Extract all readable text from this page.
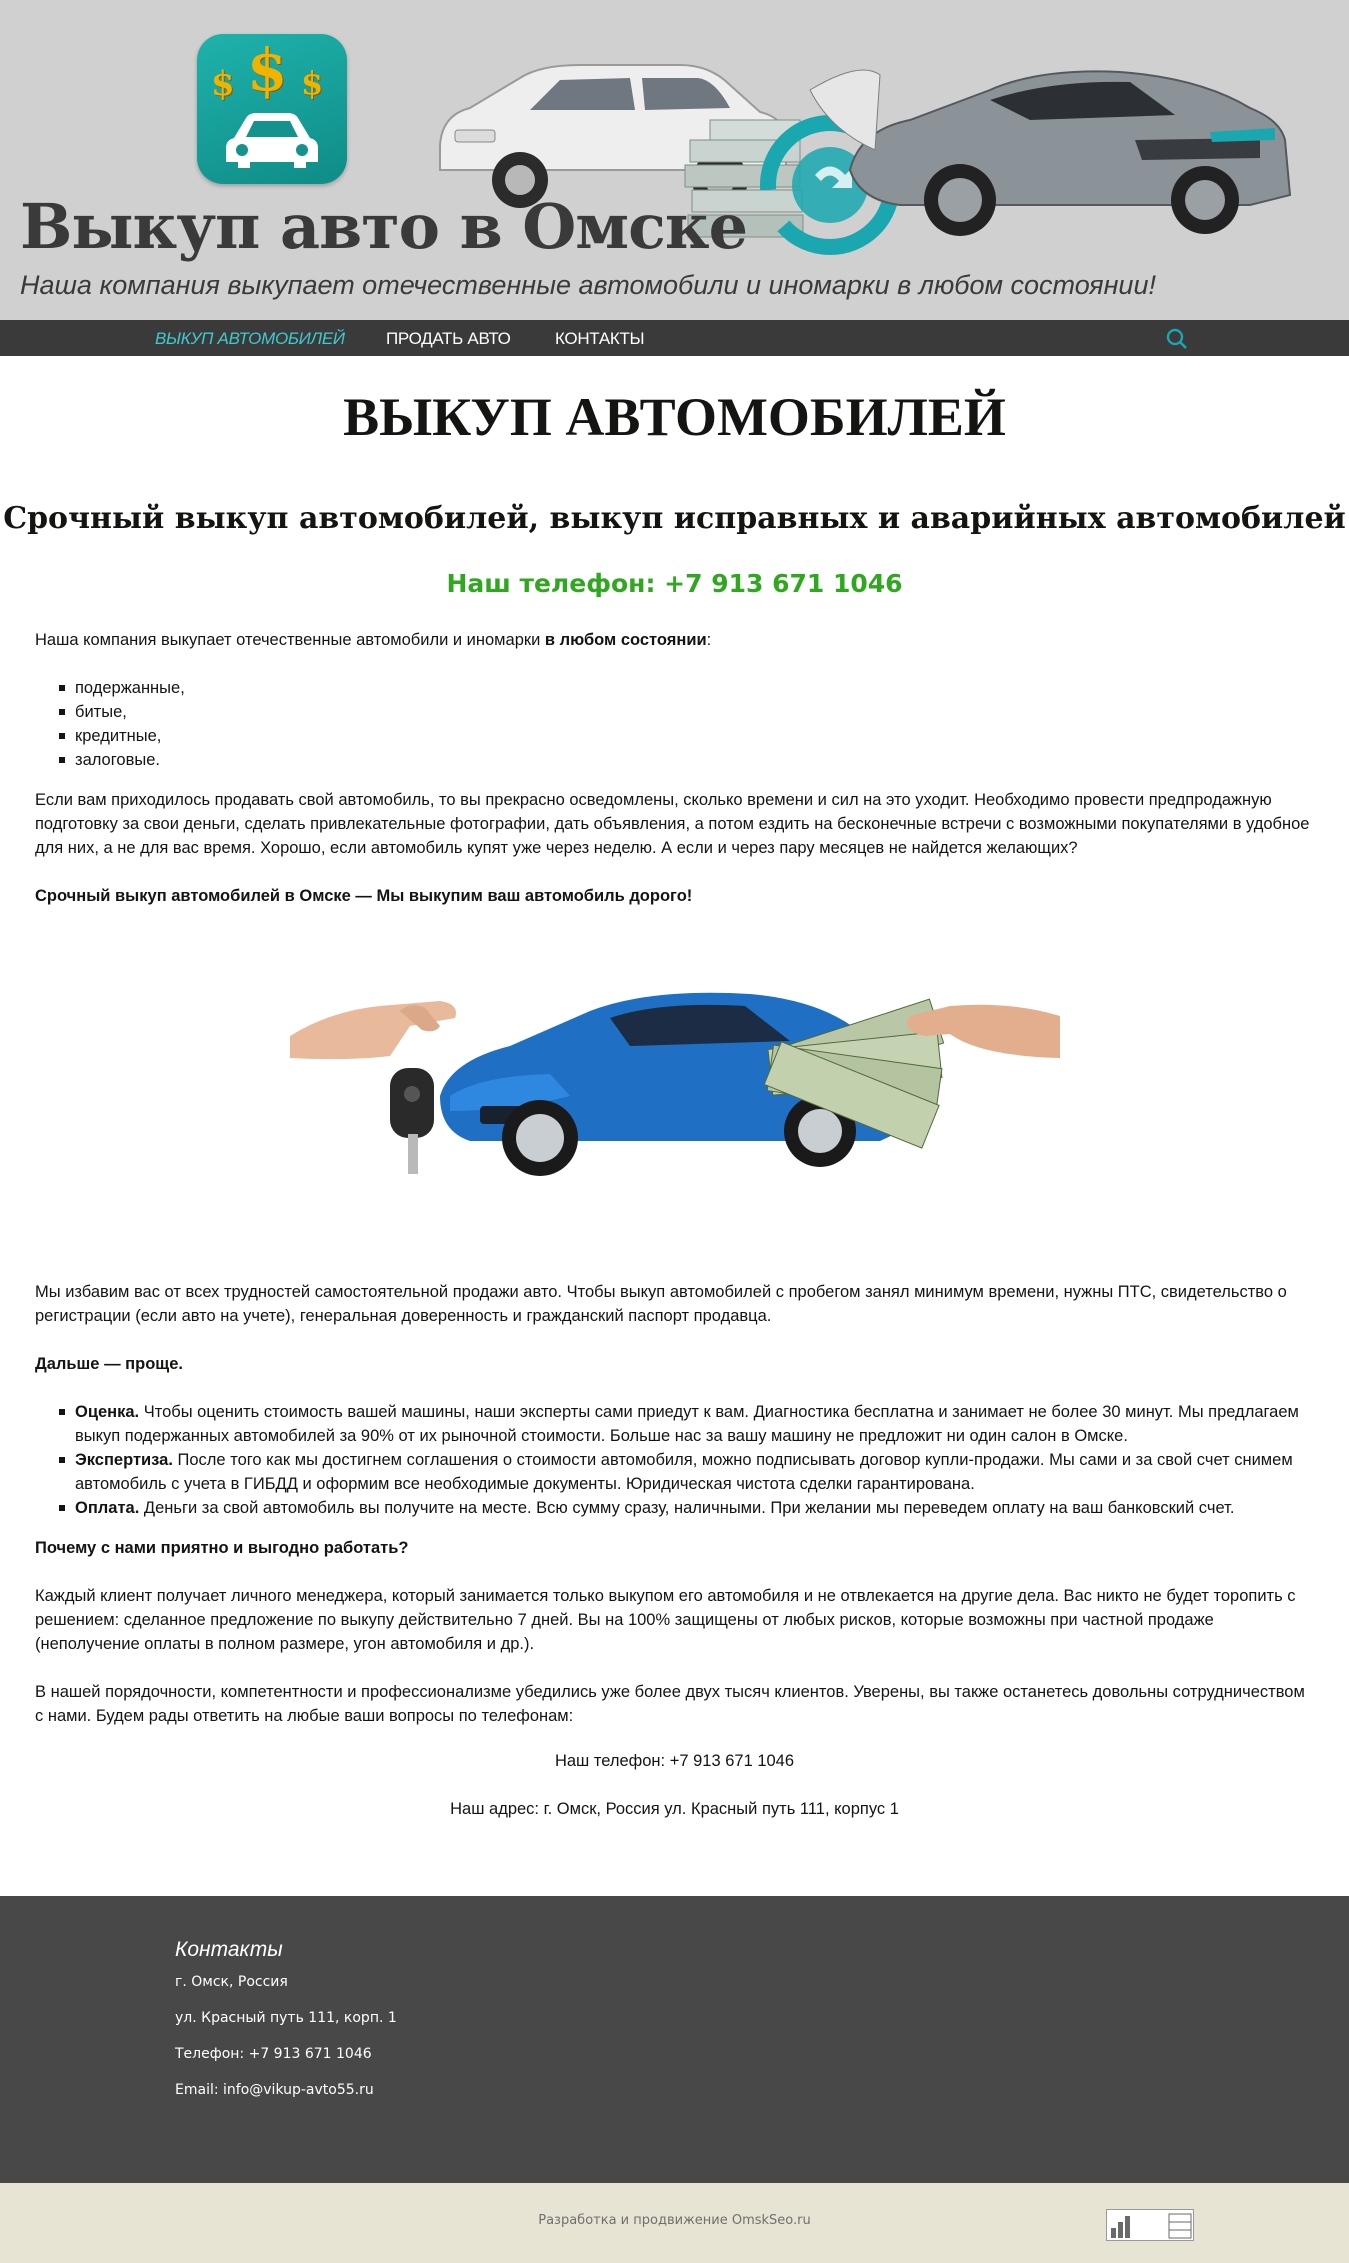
$
$ $
Выкуп авто в Омске
Наша компания выкупает отечественные автомобили и иномарки в любом состоянии!
ВЫКУП АВТОМОБИЛЕЙ ПРОДАТЬ АВТО	КОНТАКТЫ
ВЫКУП АВТОМОБИЛЕЙ
Срочный выкуп автомобилей, выкуп исправных и аварийных автомобилей
Наш телефон: +7 913 671 1046

Наша компания выкупает отечественные автомобили и иномарки в любом состоянии:

подержанные,
битые,
кредитные,
залоговые.

Если вам приходилось продавать свой автомобиль, то вы прекрасно осведомлены, сколько времени и сил на это уходит. Необходимо провести предпродажную подготовку за свои деньги, сделать привлекательные фотографии, дать объявления, а потом ездить на бесконечные встречи с возможными покупателями в удобное для них, а не для вас время. Хорошо, если автомобиль купят уже через неделю. А если и через пару месяцев не найдется желающих?

Срочный выкуп автомобилей в Омске — Мы выкупим ваш автомобиль дорого!

Мы избавим вас от всех трудностей самостоятельной продажи авто. Чтобы выкуп автомобилей с пробегом занял минимум времени, нужны ПТС, свидетельство о регистрации (если авто на учете), генеральная доверенность и гражданский паспорт продавца.

Дальше — проще.

Оценка. Чтобы оценить стоимость вашей машины, наши эксперты сами приедут к вам. Диагностика бесплатна и занимает не более 30 минут. Мы предлагаем выкуп подержанных автомобилей за 90% от их рыночной стоимости. Больше нас за вашу машину не предложит ни один салон в Омске.
Экспертиза. После того как мы достигнем соглашения о стоимости автомобиля, можно подписывать договор купли-продажи. Мы сами и за свой счет снимем автомобиль с учета в ГИБДД и оформим все необходимые документы. Юридическая чистота сделки гарантирована.
Оплата. Деньги за свой автомобиль вы получите на месте. Всю сумму сразу, наличными. При желании мы переведем оплату на ваш банковский счет.

Почему с нами приятно и выгодно работать?

Каждый клиент получает личного менеджера, который занимается только выкупом его автомобиля и не отвлекается на другие дела. Вас никто не будет торопить с решением: сделанное предложение по выкупу действительно 7 дней. Вы на 100% защищены от любых рисков, которые возможны при частной продаже (неполучение оплаты в полном размере, угон автомобиля и др.).

В нашей порядочности, компетентности и профессионализме убедились уже более двух тысяч клиентов. Уверены, вы также останетесь довольны сотрудничеством с нами. Будем рады ответить на любые ваши вопросы по телефонам:

Наш телефон: +7 913 671 1046

Наш адрес: г. Омск, Россия ул. Красный путь 111, корпус 1

Контакты
г. Омск, Россия
ул. Красный путь 111, корп. 1
Телефон: +7 913 671 1046
Email: info@vikup-avto55.ru
Разработка и продвижение OmskSeo.ru
